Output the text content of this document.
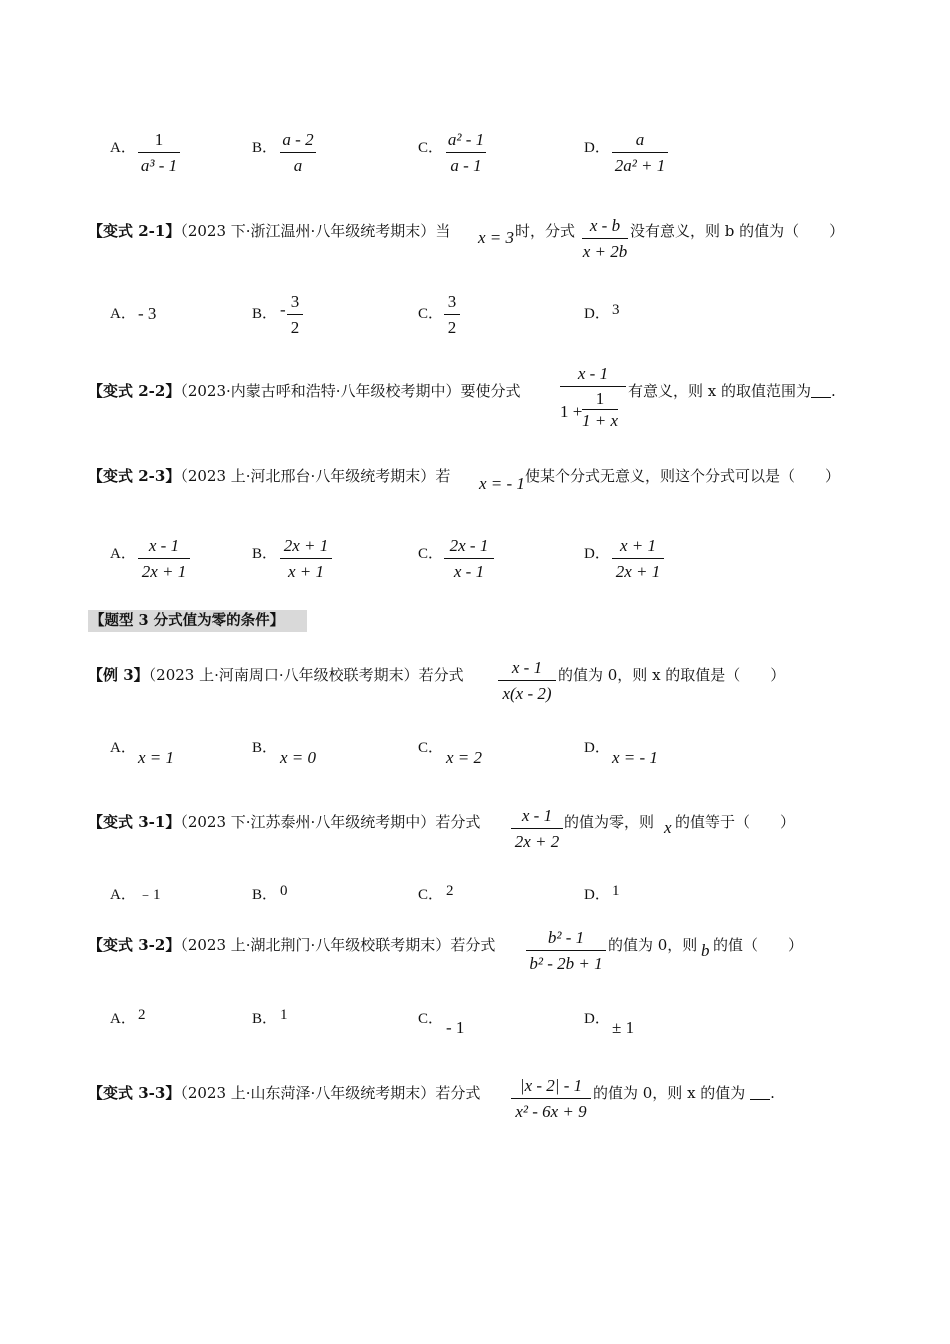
A． $\frac{1}{\text{a³ - 1}}$	B． $\frac{a - 2}{a}$	C． $\frac{\text{a² - 1}}{a - 1}$	D． $\frac{a}{\text{2a² + 1}}$
【变式 2-1】（2023 下·浙江温州·八年级统考期末）当 x = 3 时，分式 $\frac{x - b}{x + 2b}$ 没有意义，则 b 的值为（　　）
A． - 3	B． - $\frac{3}{2}$	C． $\frac{3}{2}$	D． 3
【变式 2-2】（2023·内蒙古呼和浩特·八年级校考期中）要使分式 $\frac{x - 1}{1 + \frac{1}{1 + x}}$ 有意义，则 x 的取值范围为 .
【变式 2-3】（2023 上·河北邢台·八年级统考期末）若 x = - 1 使某个分式无意义，则这个分式可以是（　　）
A． $\frac{x - 1}{2x + 1}$	B． $\frac{2x + 1}{x + 1}$	C． $\frac{2x - 1}{x - 1}$	D． $\frac{x + 1}{2x + 1}$
【题型 3 分式值为零的条件】
【例 3】（2023 上·河南周口·八年级校联考期末）若分式 $\frac{x - 1}{x(x - 2)}$ 的值为 0，则 x 的取值是（　　）
A． x = 1	B． x = 0	C． x = 2	D． x = - 1
【变式 3-1】（2023 下·江苏泰州·八年级统考期中）若分式 $\frac{x - 1}{2x + 2}$ 的值为零，则 x 的值等于（　　）
A． ﹣1	B． 0	C． 2	D． 1
【变式 3-2】（2023 上·湖北荆门·八年级校联考期末）若分式 $\frac{\text{b² - 1}}{\text{b² - 2b + 1}}$ 的值为 0，则 b 的值（　　）
A． 2	B． 1	C． - 1	D． ± 1
【变式 3-3】（2023 上·山东菏泽·八年级统考期末）若分式 $\frac{|x - 2| - 1}{\text{x² - 6x + 9}}$ 的值为 0，则 x 的值为 .
